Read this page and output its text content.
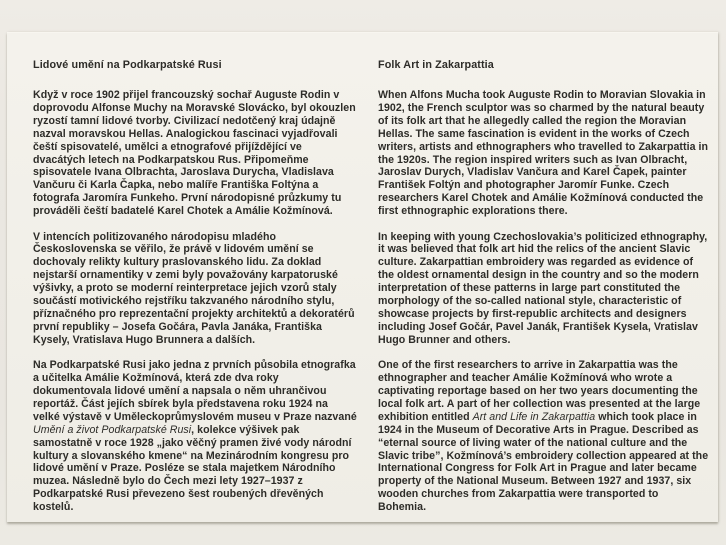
Lidové umění na Podkarpatské Rusi

Když v roce 1902 přijel francouzský sochař Auguste Rodin v doprovodu Alfonse Muchy na Moravské Slovácko, byl okouzlen ryzostí tamní lidové tvorby. Civilizací nedotčený kraj údajně nazval moravskou Hellas. Analogickou fascinaci vyjadřovali čeští spisovatelé, umělci a etnografové přijíždějící ve dvacátých letech na Podkarpatskou Rus. Připomeňme spisovatele Ivana Olbrachta, Jaroslava Durycha, Vladislava Vančuru či Karla Čapka, nebo malíře Františka Foltýna a fotografa Jaromíra Funkeho. První národopisné průzkumy tu prováděli čeští badatelé Karel Chotek a Amálie Kožmínová.

V intencích politizovaného národopisu mladého Československa se věřilo, že právě v lidovém umění se dochovaly relikty kultury praslovanského lidu. Za doklad nejstarší ornamentiky v zemi byly považovány karpatoruské výšivky, a proto se moderní reinterpretace jejich vzorů staly součástí motivického rejstříku takzvaného národního stylu, příznačného pro reprezentační projekty architektů a dekoratérů první republiky – Josefa Gočára, Pavla Janáka, Františka Kysely, Vratislava Hugo Brunnera a dalších.

Na Podkarpatské Rusi jako jedna z prvních působila etnografka a učitelka Amálie Kožmínová, která zde dva roky dokumentovala lidové umění a napsala o něm uhrančivou reportáž. Část jejích sbírek byla představena roku 1924 na velké výstavě v Uměleckoprůmyslovém museu v Praze nazvané Umění a život Podkarpatské Rusi, kolekce výšivek pak samostatně v roce 1928 „jako věčný pramen živé vody národní kultury a slovanského kmene“ na Mezinárodním kongresu pro lidové umění v Praze. Posléze se stala majetkem Národního muzea. Následně bylo do Čech mezi lety 1927–1937 z Podkarpatské Rusi převezeno šest roubených dřevěných kostelů.

Folk Art in Zakarpattia

When Alfons Mucha took Auguste Rodin to Moravian Slovakia in 1902, the French sculptor was so charmed by the natural beauty of its folk art that he allegedly called the region the Moravian Hellas. The same fascination is evident in the works of Czech writers, artists and ethnographers who travelled to Zakarpattia in the 1920s. The region inspired writers such as Ivan Olbracht, Jaroslav Durych, Vladislav Vančura and Karel Čapek, painter František Foltýn and photographer Jaromír Funke. Czech researchers Karel Chotek and Amálie Kožmínová conducted the first ethnographic explorations there.

In keeping with young Czechoslovakia’s politicized ethnography, it was believed that folk art hid the relics of the ancient Slavic culture. Zakarpattian embroidery was regarded as evidence of the oldest ornamental design in the country and so the modern interpretation of these patterns in large part constituted the morphology of the so-called national style, characteristic of showcase projects by first-republic architects and designers including Josef Gočár, Pavel Janák, František Kysela, Vratislav Hugo Brunner and others.

One of the first researchers to arrive in Zakarpattia was the ethnographer and teacher Amálie Kožmínová who wrote a captivating reportage based on her two years documenting the local folk art. A part of her collection was presented at the large exhibition entitled Art and Life in Zakarpattia which took place in 1924 in the Museum of Decorative Arts in Prague. Described as “eternal source of living water of the national culture and the Slavic tribe”, Kožmínová’s embroidery collection appeared at the International Congress for Folk Art in Prague and later became property of the National Museum. Between 1927 and 1937, six wooden churches from Zakarpattia were transported to Bohemia.
